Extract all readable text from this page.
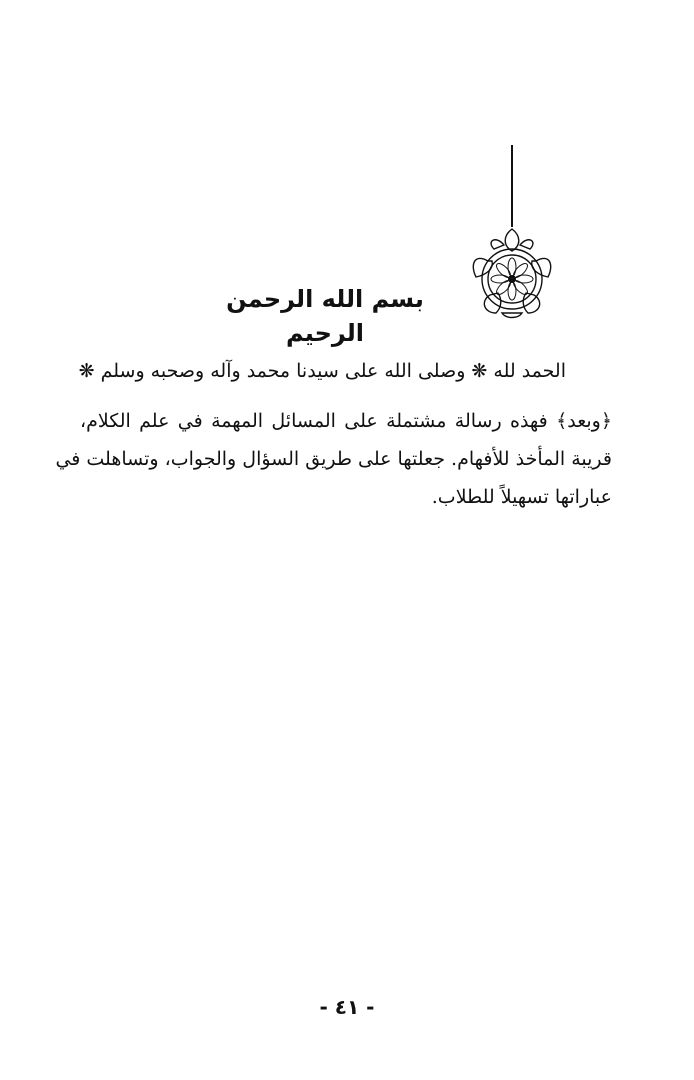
بسم الله الرحمن الرحيم
الحمد لله ❋ وصلى الله على سيدنا محمد وآله وصحبه وسلم ❋
﴿وبعد﴾ فهذه رسالة مشتملة على المسائل المهمة في علم الكلام،
قريبة المأخذ للأفهام. جعلتها على طريق السؤال والجواب، وتساهلت في
عباراتها تسهيلاً للطلاب.
- ٤١ -
